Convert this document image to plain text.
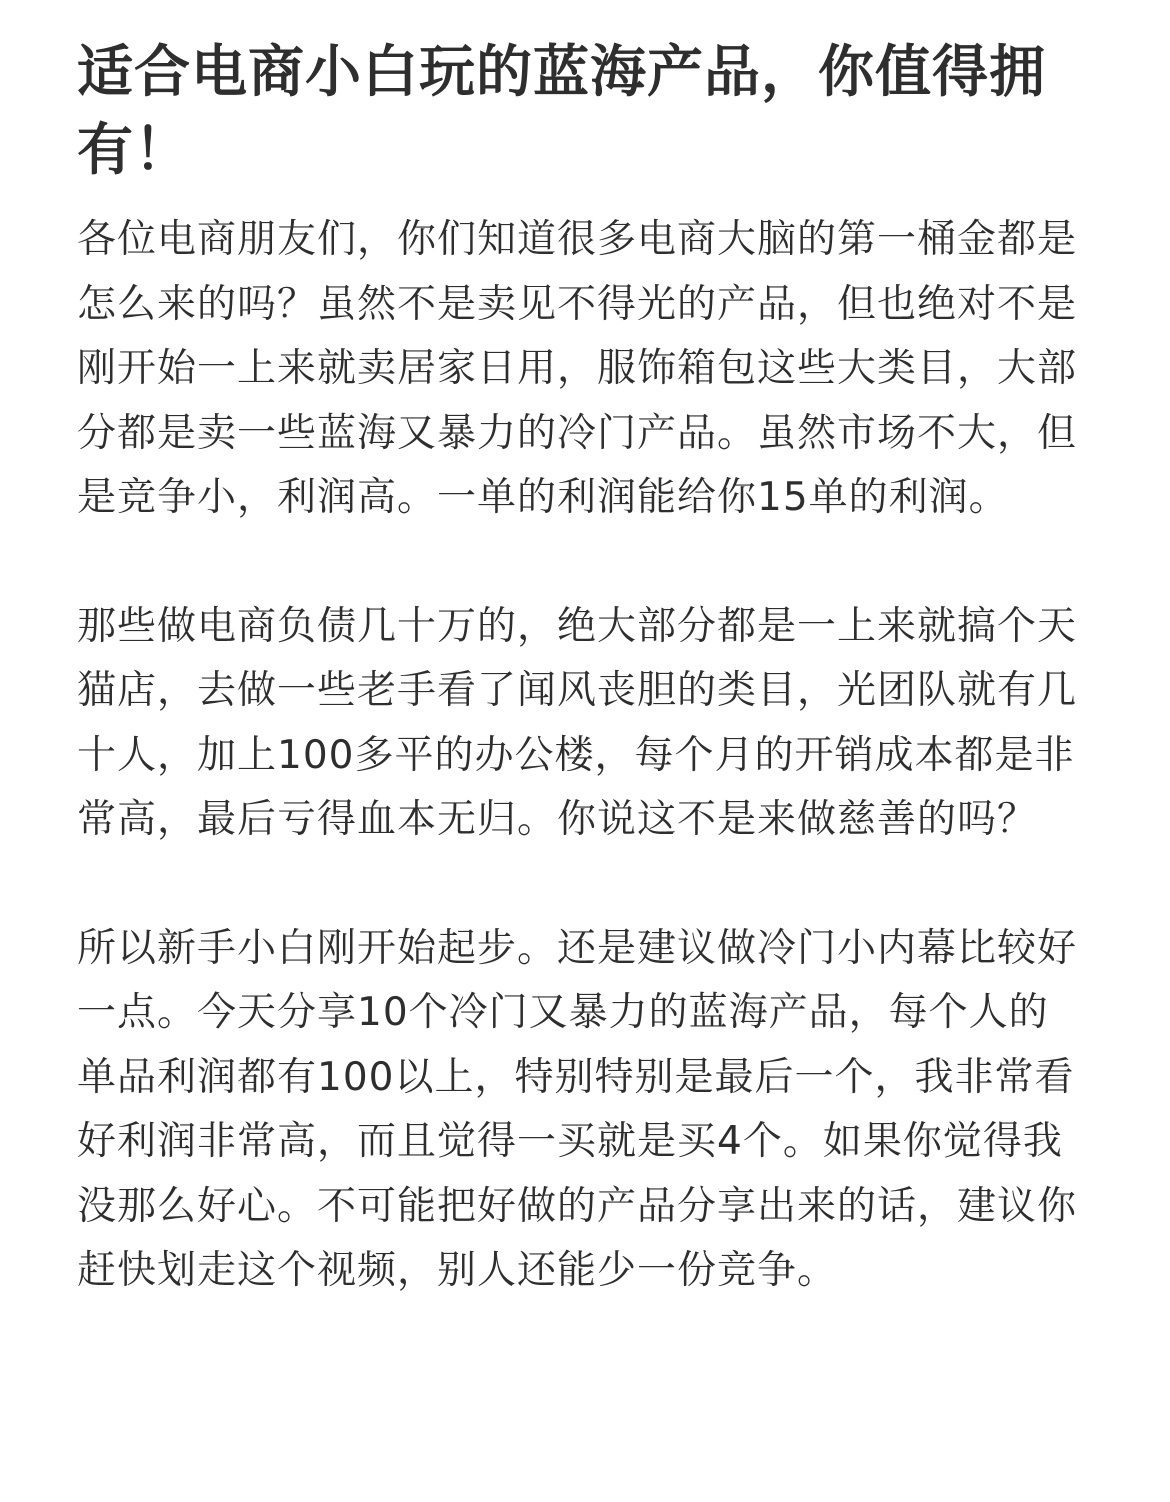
适合电商小白玩的蓝海产品，你值得拥有！

各位电商朋友们，你们知道很多电商大脑的第一桶金都是怎么来的吗？虽然不是卖见不得光的产品，但也绝对不是刚开始一上来就卖居家日用，服饰箱包这些大类目，大部分都是卖一些蓝海又暴力的冷门产品。虽然市场不大，但是竞争小，利润高。一单的利润能给你15单的利润。

那些做电商负债几十万的，绝大部分都是一上来就搞个天猫店，去做一些老手看了闻风丧胆的类目，光团队就有几十人，加上100多平的办公楼，每个月的开销成本都是非常高，最后亏得血本无归。你说这不是来做慈善的吗？

所以新手小白刚开始起步。还是建议做冷门小内幕比较好一点。今天分享10个冷门又暴力的蓝海产品，每个人的单品利润都有100以上，特别特别是最后一个，我非常看好利润非常高，而且觉得一买就是买4个。如果你觉得我没那么好心。不可能把好做的产品分享出来的话，建议你赶快划走这个视频，别人还能少一份竞争。
